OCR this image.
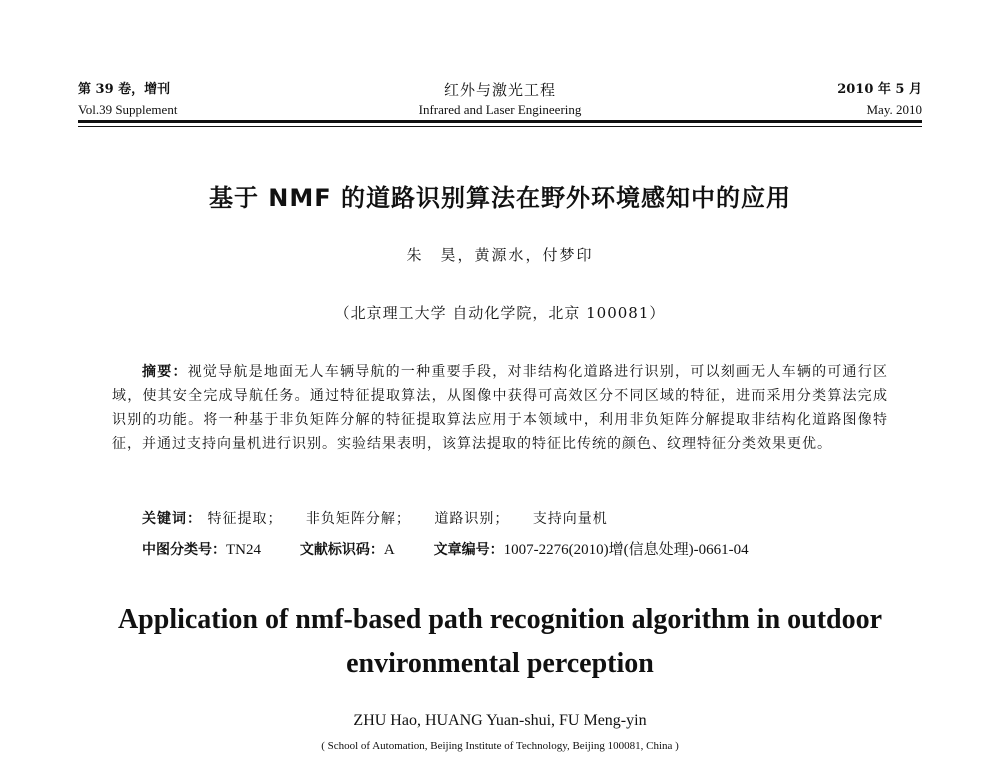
第 39 卷，增刊
Vol.39 Supplement
红外与激光工程
Infrared and Laser Engineering
2010 年 5 月
May. 2010
基于 NMF 的道路识别算法在野外环境感知中的应用
朱　昊，黄源水，付梦印
（北京理工大学 自动化学院，北京 100081）
摘要：视觉导航是地面无人车辆导航的一种重要手段，对非结构化道路进行识别，可以刻画无人车辆的可通行区域，使其安全完成导航任务。通过特征提取算法，从图像中获得可高效区分不同区域的特征，进而采用分类算法完成识别的功能。将一种基于非负矩阵分解的特征提取算法应用于本领域中，利用非负矩阵分解提取非结构化道路图像特征，并通过支持向量机进行识别。实验结果表明，该算法提取的特征比传统的颜色、纹理特征分类效果更优。
关键词： 特征提取； 非负矩阵分解； 道路识别； 支持向量机
中图分类号：TN24	文献标识码：A	文章编号：1007-2276(2010)增(信息处理)-0661-04
Application of nmf-based path recognition algorithm in outdoor
environmental perception
ZHU Hao, HUANG Yuan-shui, FU Meng-yin
( School of Automation, Beijing Institute of Technology, Beijing 100081, China )
